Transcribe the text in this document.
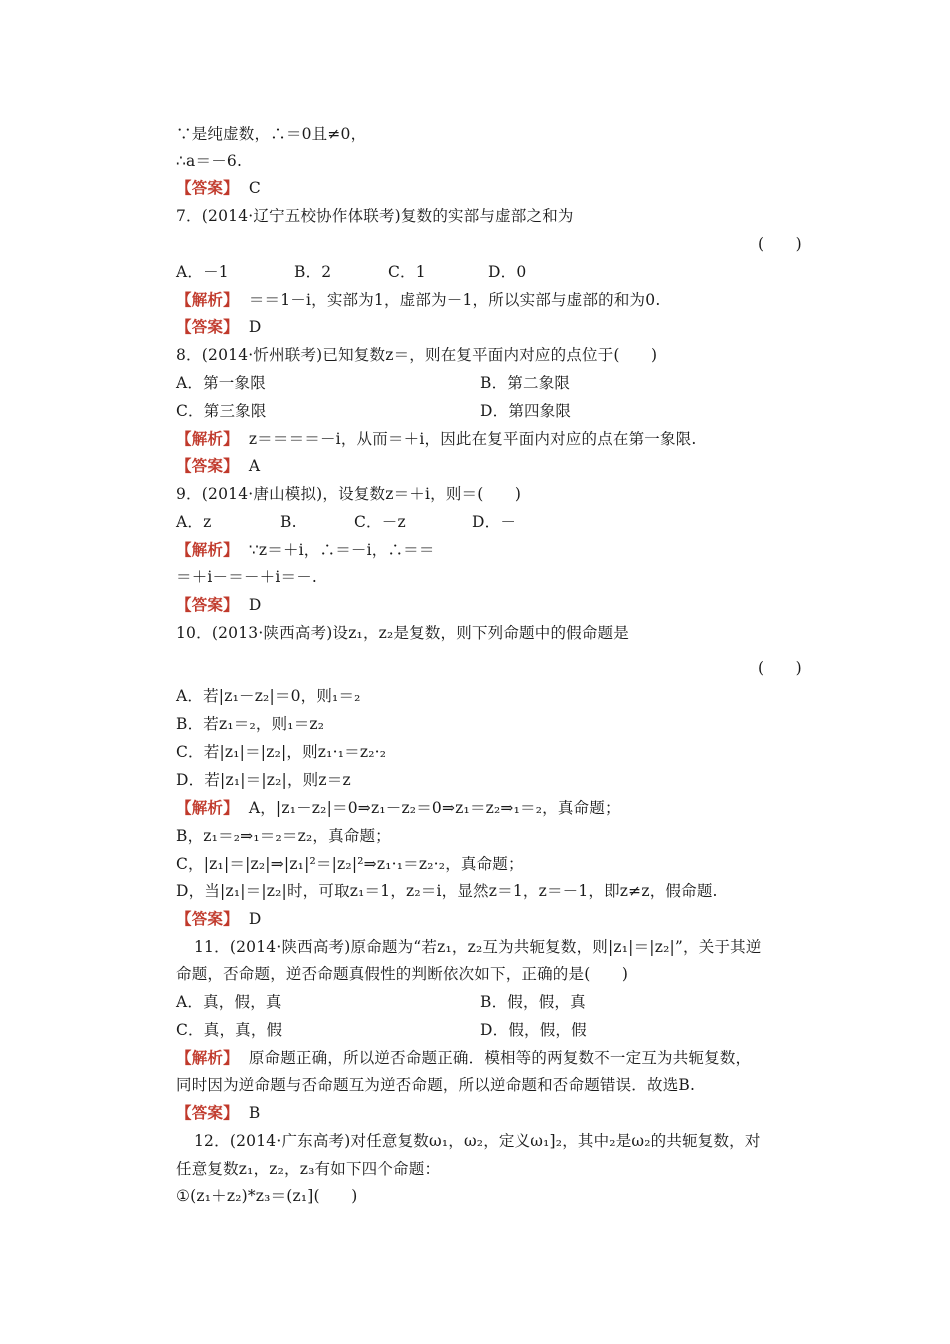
∵是纯虚数，∴＝0且≠0，
∴a＝－6.
【答案】 C
7．(2014·辽宁五校协作体联考)复数的实部与虚部之和为
(　　)
A．－1	B．2	C．1	D．0
【解析】 ＝＝1－i，实部为1，虚部为－1，所以实部与虚部的和为0.
【答案】 D
8．(2014·忻州联考)已知复数z＝，则在复平面内对应的点位于(　　)
A．第一象限	B．第二象限
C．第三象限	D．第四象限
【解析】 z＝＝＝＝－i，从而＝＋i，因此在复平面内对应的点在第一象限.
【答案】 A
9．(2014·唐山模拟)，设复数z＝＋i，则＝(　　)
A．z	B.	C．－z	D．－
【解析】 ∵z＝＋i，∴＝－i，∴＝＝
＝＋i－＝－＋i＝－.
【答案】 D
10．(2013·陕西高考)设z₁，z₂是复数，则下列命题中的假命题是
(　　)
A．若|z₁－z₂|＝0，则₁＝₂
B．若z₁＝₂，则₁＝z₂
C．若|z₁|＝|z₂|，则z₁·₁＝z₂·₂
D．若|z₁|＝|z₂|，则z＝z
【解析】 A，|z₁－z₂|＝0⇒z₁－z₂＝0⇒z₁＝z₂⇒₁＝₂，真命题；
B，z₁＝₂⇒₁＝₂＝z₂，真命题；
C，|z₁|＝|z₂|⇒|z₁|²＝|z₂|²⇒z₁·₁＝z₂·₂，真命题；
D，当|z₁|＝|z₂|时，可取z₁＝1，z₂＝i，显然z＝1，z＝－1，即z≠z，假命题.
【答案】 D
11．(2014·陕西高考)原命题为“若z₁，z₂互为共轭复数，则|z₁|＝|z₂|”，关于其逆
命题，否命题，逆否命题真假性的判断依次如下，正确的是(　　)
A．真，假，真	B．假，假，真
C．真，真，假	D．假，假，假
【解析】 原命题正确，所以逆否命题正确．模相等的两复数不一定互为共轭复数，
同时因为逆命题与否命题互为逆否命题，所以逆命题和否命题错误．故选B.
【答案】 B
12．(2014·广东高考)对任意复数ω₁，ω₂，定义ω₁]₂，其中₂是ω₂的共轭复数，对
任意复数z₁，z₂，z₃有如下四个命题：
①(z₁＋z₂)*z₃＝(z₁](　　)
